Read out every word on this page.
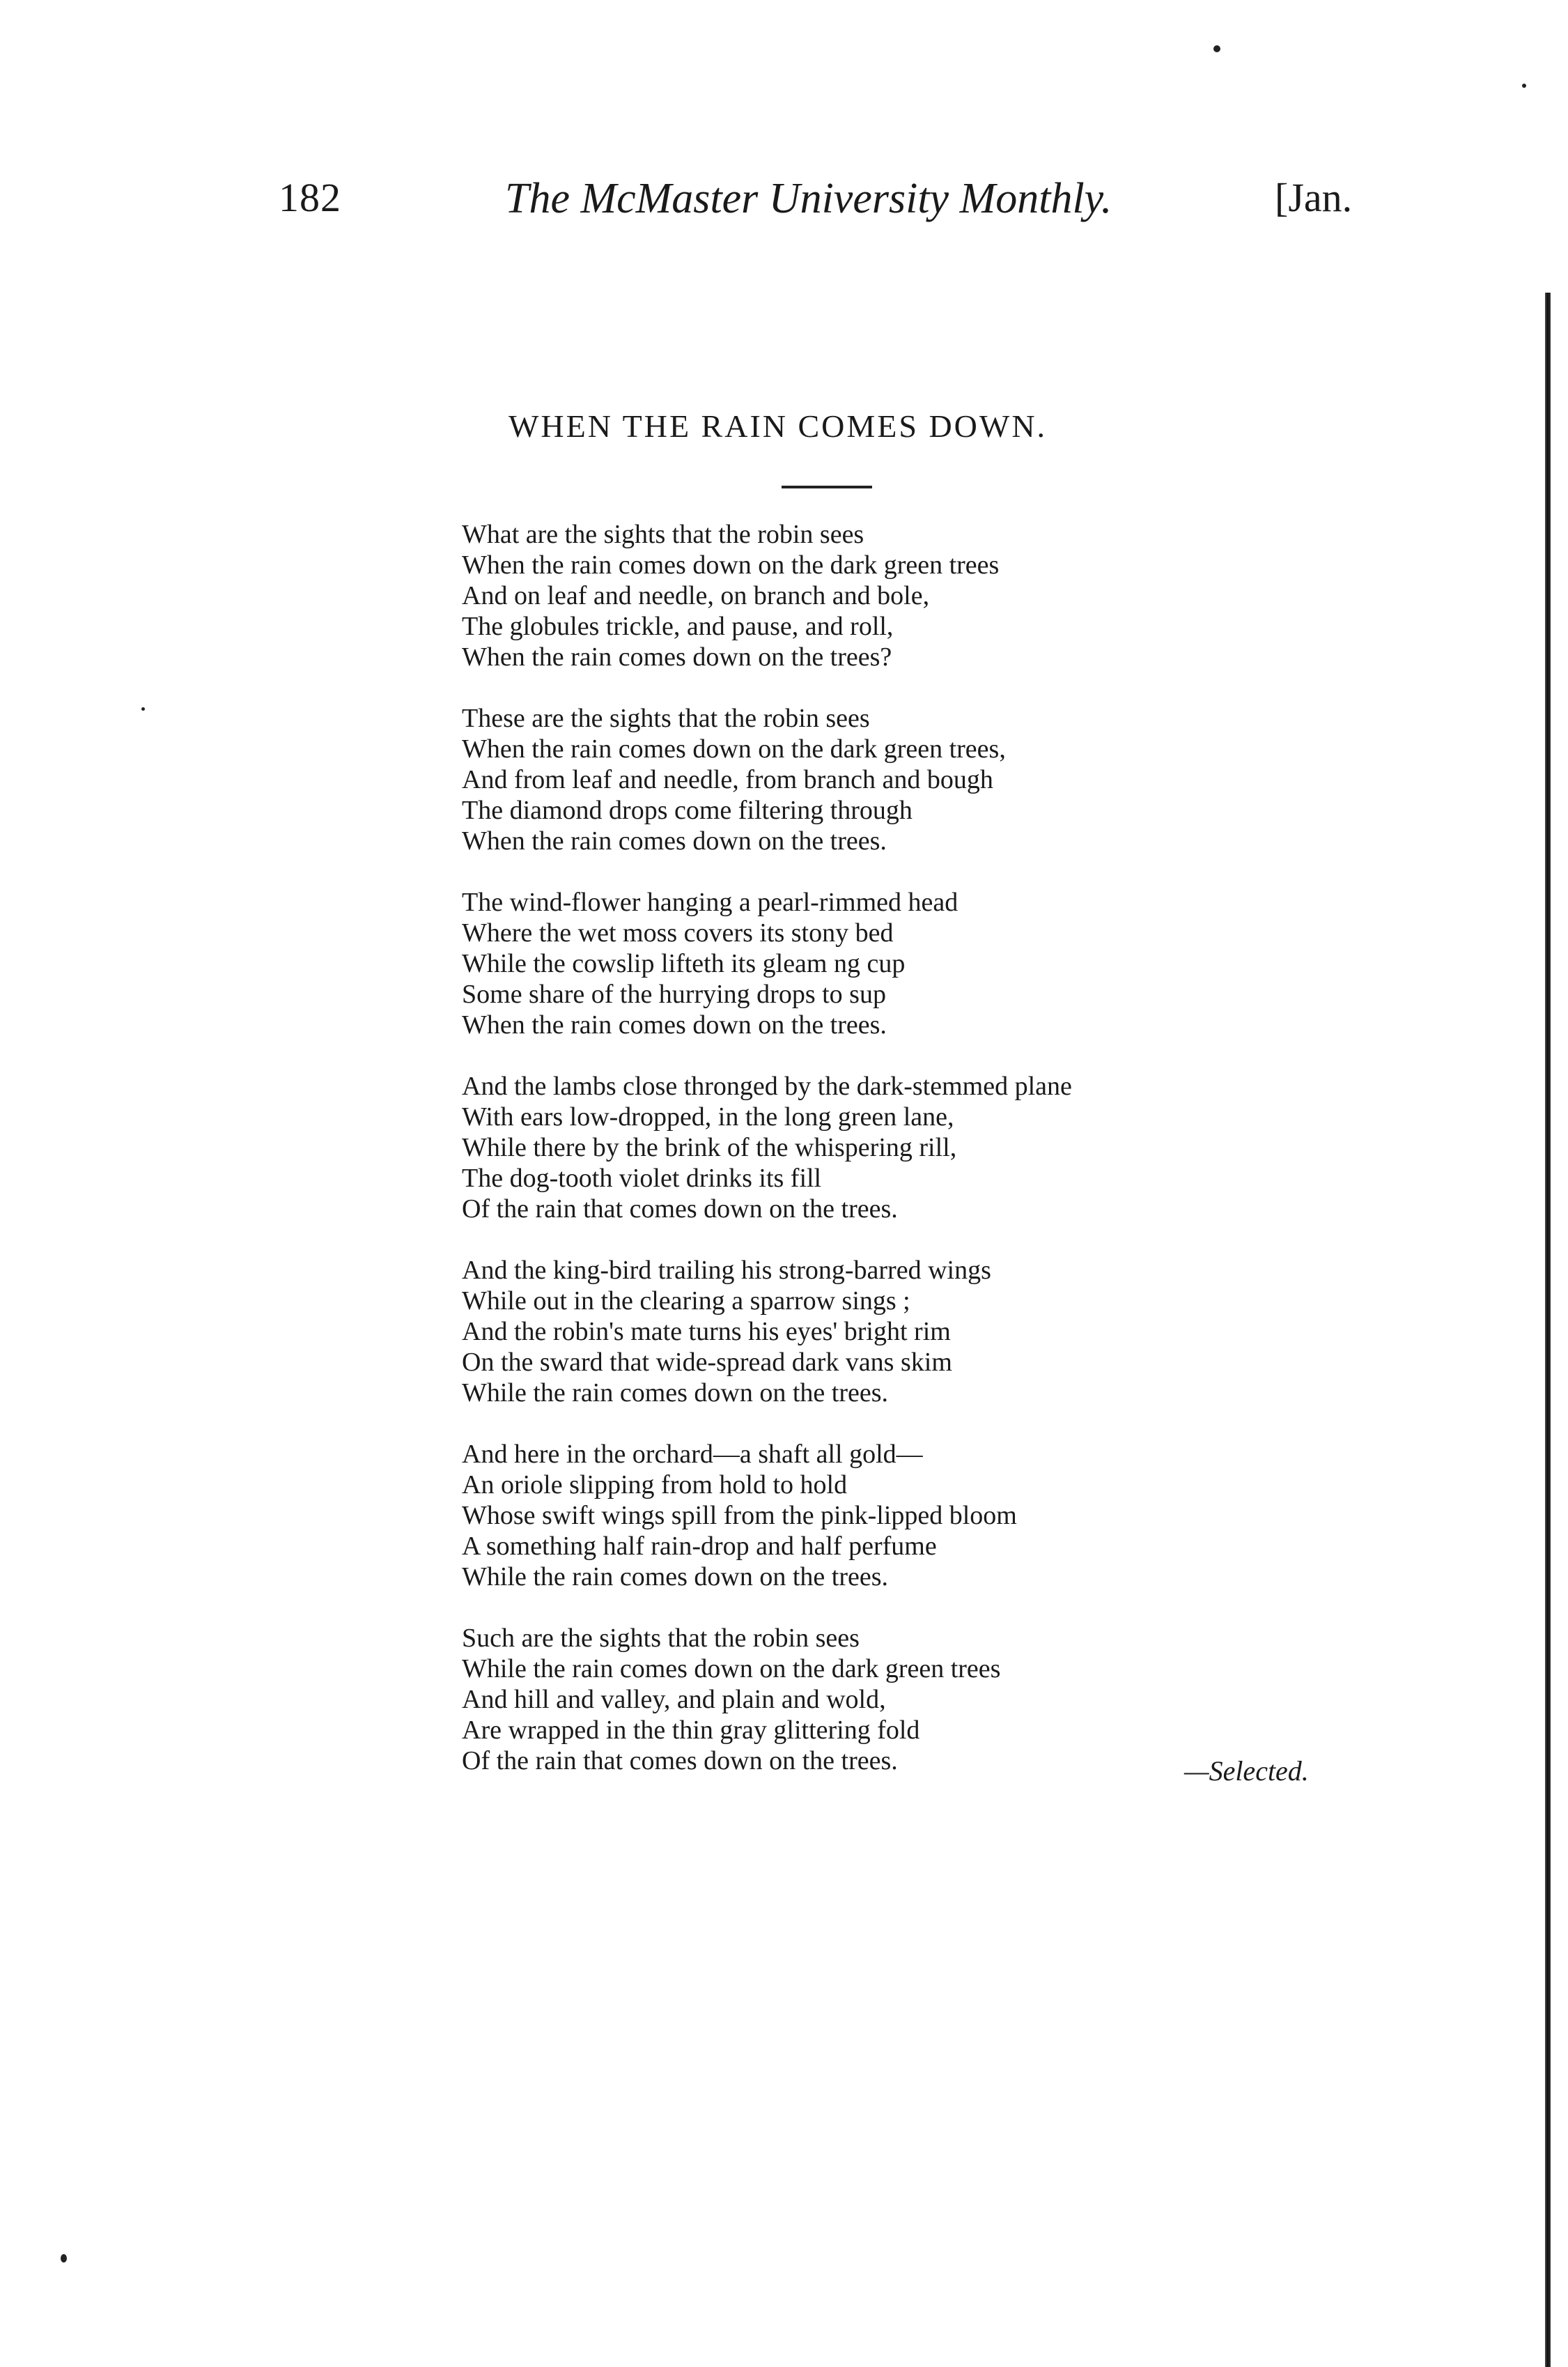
182	The McMaster University Monthly.	[Jan.
WHEN THE RAIN COMES DOWN.
What are the sights that the robin sees
When the rain comes down on the dark green trees
And on leaf and needle, on branch and bole,
The globules trickle, and pause, and roll,
When the rain comes down on the trees?
These are the sights that the robin sees
When the rain comes down on the dark green trees,
And from leaf and needle, from branch and bough
The diamond drops come filtering through
When the rain comes down on the trees.
The wind-flower hanging a pearl-rimmed head
Where the wet moss covers its stony bed
While the cowslip lifteth its gleam ng cup
Some share of the hurrying drops to sup
When the rain comes down on the trees.
And the lambs close thronged by the dark-stemmed plane
With ears low-dropped, in the long green lane,
While there by the brink of the whispering rill,
The dog-tooth violet drinks its fill
Of the rain that comes down on the trees.
And the king-bird trailing his strong-barred wings
While out in the clearing a sparrow sings ;
And the robin's mate turns his eyes' bright rim
On the sward that wide-spread dark vans skim
While the rain comes down on the trees.
And here in the orchard—a shaft all gold—
An oriole slipping from hold to hold
Whose swift wings spill from the pink-lipped bloom
A something half rain-drop and half perfume
While the rain comes down on the trees.
Such are the sights that the robin sees
While the rain comes down on the dark green trees
And hill and valley, and plain and wold,
Are wrapped in the thin gray glittering fold
Of the rain that comes down on the trees.	—Selected.
